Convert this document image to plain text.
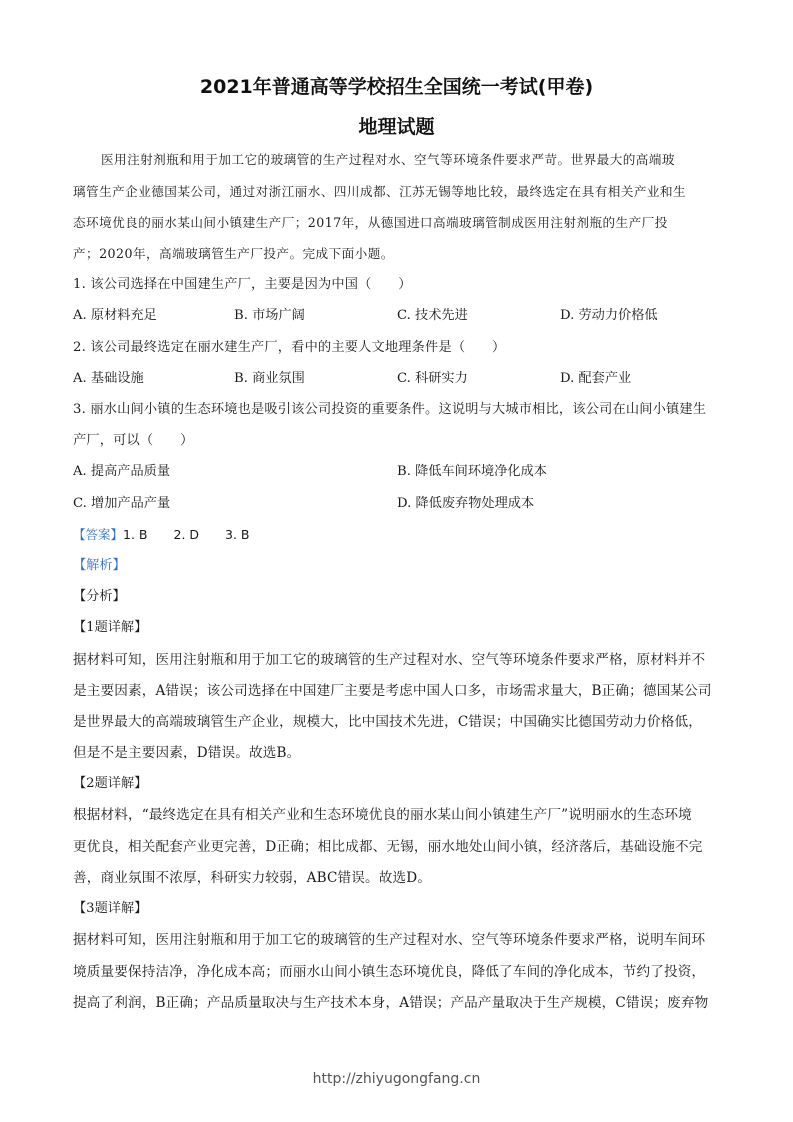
2021年普通高等学校招生全国统一考试(甲卷)
地理试题
医用注射剂瓶和用于加工它的玻璃管的生产过程对水、空气等环境条件要求严苛。世界最大的高端玻
璃管生产企业德国某公司，通过对浙江丽水、四川成都、江苏无锡等地比较，最终选定在具有相关产业和生
态环境优良的丽水某山间小镇建生产厂；2017年，从德国进口高端玻璃管制成医用注射剂瓶的生产厂投
产；2020年，高端玻璃管生产厂投产。完成下面小题。
1. 该公司选择在中国建生产厂，主要是因为中国（　　）
A. 原材料充足	B. 市场广阔	C. 技术先进	D. 劳动力价格低
2. 该公司最终选定在丽水建生产厂，看中的主要人文地理条件是（　　）
A. 基础设施	B. 商业氛围	C. 科研实力	D. 配套产业
3. 丽水山间小镇的生态环境也是吸引该公司投资的重要条件。这说明与大城市相比，该公司在山间小镇建生
产厂，可以（　　）
A. 提高产品质量	B. 降低车间环境净化成本
C. 增加产品产量	D. 降低废弃物处理成本
【答案】1. B 2. D 3. B
【解析】
【分析】
【1题详解】
据材料可知，医用注射瓶和用于加工它的玻璃管的生产过程对水、空气等环境条件要求严格，原材料并不
是主要因素，A错误；该公司选择在中国建厂主要是考虑中国人口多，市场需求量大，B正确；德国某公司
是世界最大的高端玻璃管生产企业，规模大，比中国技术先进，C错误；中国确实比德国劳动力价格低，
但是不是主要因素，D错误。故选B。
【2题详解】
根据材料，“最终选定在具有相关产业和生态环境优良的丽水某山间小镇建生产厂”说明丽水的生态环境
更优良，相关配套产业更完善，D正确；相比成都、无锡，丽水地处山间小镇，经济落后，基础设施不完
善，商业氛围不浓厚，科研实力较弱，ABC错误。故选D。
【3题详解】
据材料可知，医用注射瓶和用于加工它的玻璃管的生产过程对水、空气等环境条件要求严格，说明车间环
境质量要保持洁净，净化成本高；而丽水山间小镇生态环境优良，降低了车间的净化成本，节约了投资，
提高了利润，B正确；产品质量取决与生产技术本身，A错误；产品产量取决于生产规模，C错误；废弃物
http://zhiyugongfang.cn
